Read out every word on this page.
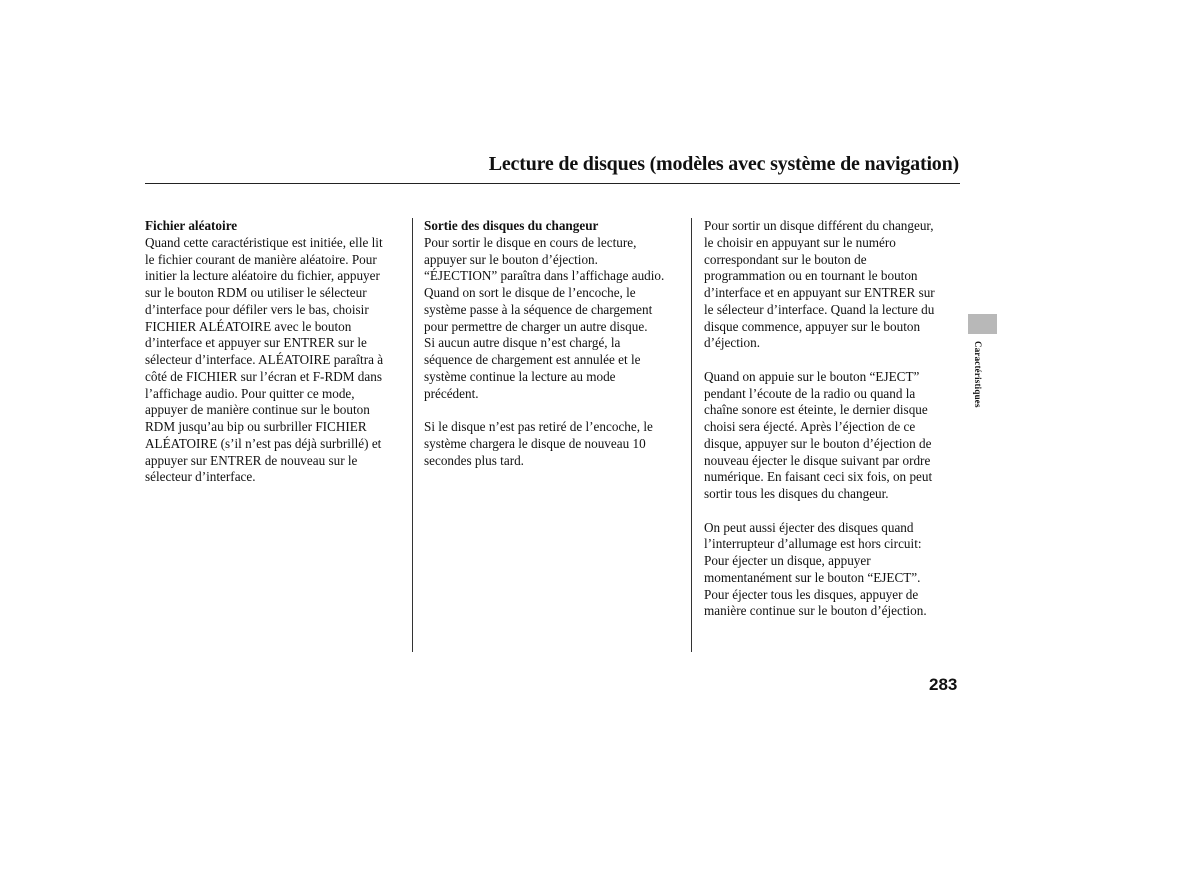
Lecture de disques (modèles avec système de navigation)
Fichier aléatoire
Quand cette caractéristique est initiée, elle lit
le fichier courant de manière aléatoire. Pour
initier la lecture aléatoire du fichier, appuyer
sur le bouton RDM ou utiliser le sélecteur
d’interface pour défiler vers le bas, choisir
FICHIER ALÉATOIRE avec le bouton
d’interface et appuyer sur ENTRER sur le
sélecteur d’interface. ALÉATOIRE paraîtra à
côté de FICHIER sur l’écran et F-RDM dans
l’affichage audio. Pour quitter ce mode,
appuyer de manière continue sur le bouton
RDM jusqu’au bip ou surbriller FICHIER
ALÉATOIRE (s’il n’est pas déjà surbrillé) et
appuyer sur ENTRER de nouveau sur le
sélecteur d’interface.
Sortie des disques du changeur
Pour sortir le disque en cours de lecture,
appuyer sur le bouton d’éjection.
“ÉJECTION” paraîtra dans l’affichage audio.
Quand on sort le disque de l’encoche, le
système passe à la séquence de chargement
pour permettre de charger un autre disque.
Si aucun autre disque n’est chargé, la
séquence de chargement est annulée et le
système continue la lecture au mode
précédent.
Si le disque n’est pas retiré de l’encoche, le
système chargera le disque de nouveau 10
secondes plus tard.
Pour sortir un disque différent du changeur,
le choisir en appuyant sur le numéro
correspondant sur le bouton de
programmation ou en tournant le bouton
d’interface et en appuyant sur ENTRER sur
le sélecteur d’interface. Quand la lecture du
disque commence, appuyer sur le bouton
d’éjection.
Quand on appuie sur le bouton “EJECT”
pendant l’écoute de la radio ou quand la
chaîne sonore est éteinte, le dernier disque
choisi sera éjecté. Après l’éjection de ce
disque, appuyer sur le bouton d’éjection de
nouveau éjecter le disque suivant par ordre
numérique. En faisant ceci six fois, on peut
sortir tous les disques du changeur.
On peut aussi éjecter des disques quand
l’interrupteur d’allumage est hors circuit:
Pour éjecter un disque, appuyer
momentanément sur le bouton “EJECT”.
Pour éjecter tous les disques, appuyer de
manière continue sur le bouton d’éjection.
Caractéristiques
283
